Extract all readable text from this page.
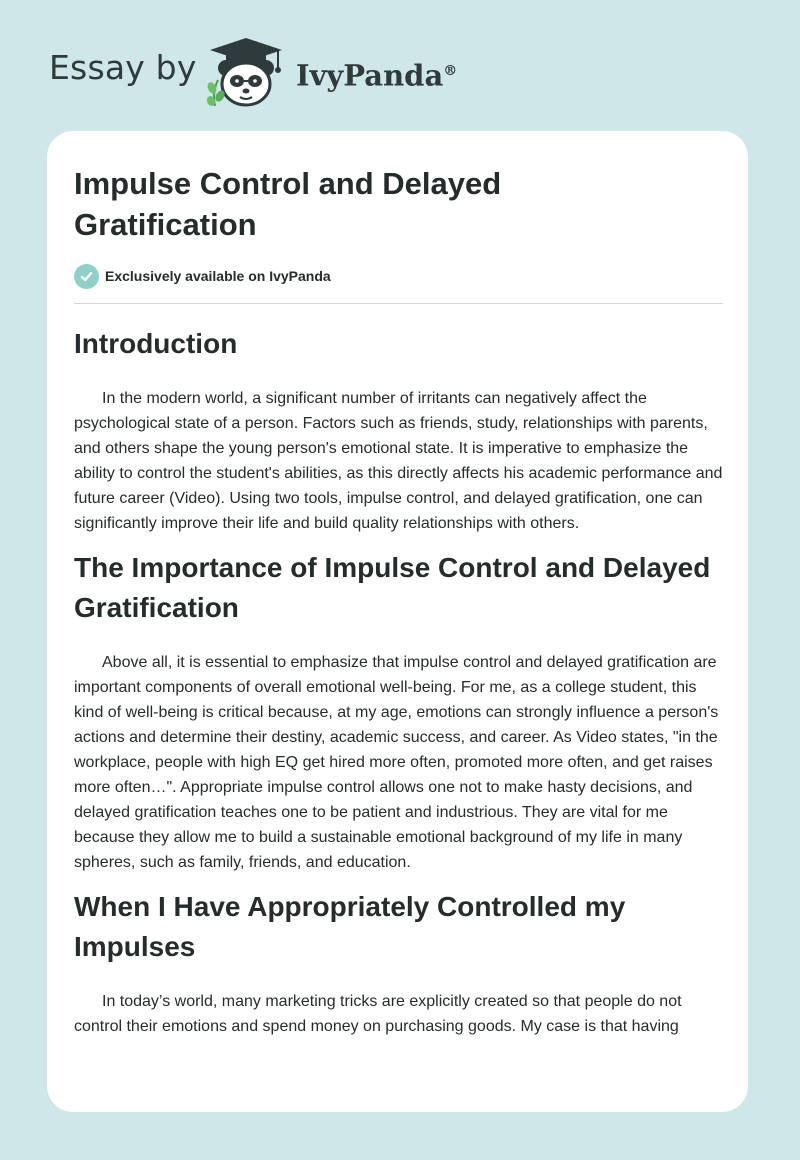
Essay by	IvyPanda®
Impulse Control and Delayed Gratification
Exclusively available on IvyPanda
Introduction

In the modern world, a significant number of irritants can negatively affect the psychological state of a person. Factors such as friends, study, relationships with parents, and others shape the young person's emotional state. It is imperative to emphasize the ability to control the student's abilities, as this directly affects his academic performance and future career (Video). Using two tools, impulse control, and delayed gratification, one can significantly improve their life and build quality relationships with others.

The Importance of Impulse Control and Delayed Gratification

Above all, it is essential to emphasize that impulse control and delayed gratification are important components of overall emotional well-being. For me, as a college student, this kind of well-being is critical because, at my age, emotions can strongly influence a person's actions and determine their destiny, academic success, and career. As Video states, "in the workplace, people with high EQ get hired more often, promoted more often, and get raises more often…". Appropriate impulse control allows one not to make hasty decisions, and delayed gratification teaches one to be patient and industrious. They are vital for me because they allow me to build a sustainable emotional background of my life in many spheres, such as family, friends, and education.

When I Have Appropriately Controlled my Impulses

In today’s world, many marketing tricks are explicitly created so that people do not control their emotions and spend money on purchasing goods. My case is that having
